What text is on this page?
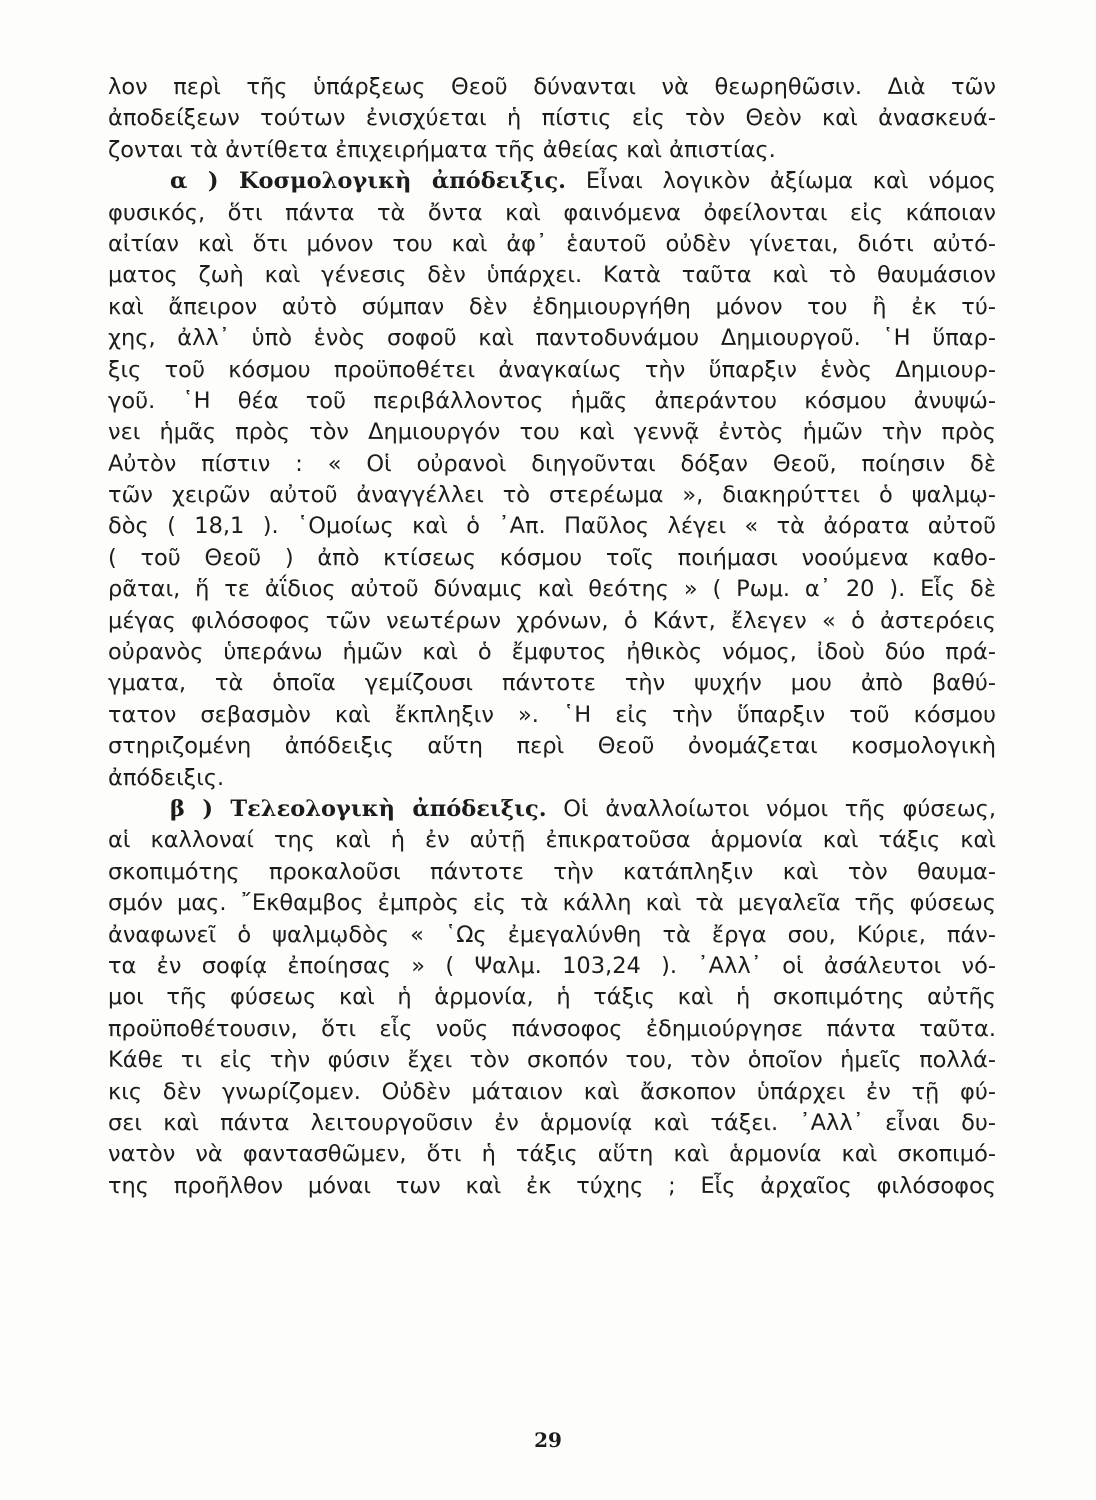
λον περὶ τῆς ὑπάρξεως Θεοῦ δύνανται νὰ θεωρηθῶσιν. Διὰ τῶν
ἀποδείξεων τούτων ἐνισχύεται ἡ πίστις εἰς τὸν Θεὸν καὶ ἀνασκευά-
ζονται τὰ ἀντίθετα ἐπιχειρήματα τῆς ἀθείας καὶ ἀπιστίας.
α ) Κοσμολογικὴ ἀπόδειξις. Εἶναι λογικὸν ἀξίωμα καὶ νόμος
φυσικός, ὅτι πάντα τὰ ὄντα καὶ φαινόμενα ὀφείλονται εἰς κάποιαν
αἰτίαν καὶ ὅτι μόνον του καὶ ἀφ᾽ ἑαυτοῦ οὐδὲν γίνεται, διότι αὐτό-
ματος ζωὴ καὶ γένεσις δὲν ὑπάρχει. Κατὰ ταῦτα καὶ τὸ θαυμάσιον
καὶ ἄπειρον αὐτὸ σύμπαν δὲν ἐδημιουργήθη μόνον του ἢ ἐκ τύ-
χης, ἀλλ᾽ ὑπὸ ἑνὸς σοφοῦ καὶ παντοδυνάμου Δημιουργοῦ. ῾Η ὕπαρ-
ξις τοῦ κόσμου προϋποθέτει ἀναγκαίως τὴν ὕπαρξιν ἑνὸς Δημιουρ-
γοῦ. ῾Η θέα τοῦ περιβάλλοντος ἡμᾶς ἀπεράντου κόσμου ἀνυψώ-
νει ἡμᾶς πρὸς τὸν Δημιουργόν του καὶ γεννᾷ ἐντὸς ἡμῶν τὴν πρὸς
Αὐτὸν πίστιν : « Οἱ οὐρανοὶ διηγοῦνται δόξαν Θεοῦ, ποίησιν δὲ
τῶν χειρῶν αὐτοῦ ἀναγγέλλει τὸ στερέωμα », διακηρύττει ὁ ψαλμῳ-
δὸς ( 18,1 ). ῾Ομοίως καὶ ὁ ᾿Απ. Παῦλος λέγει « τὰ ἀόρατα αὐτοῦ
( τοῦ Θεοῦ ) ἀπὸ κτίσεως κόσμου τοῖς ποιήμασι νοούμενα καθο-
ρᾶται, ἥ τε ἀΐδιος αὐτοῦ δύναμις καὶ θεότης » ( Ρωμ. α᾽ 20 ). Εἷς δὲ
μέγας φιλόσοφος τῶν νεωτέρων χρόνων, ὁ Κάντ, ἔλεγεν « ὁ ἀστερόεις
οὐρανὸς ὑπεράνω ἡμῶν καὶ ὁ ἔμφυτος ἠθικὸς νόμος, ἰδοὺ δύο πρά-
γματα, τὰ ὁποῖα γεμίζουσι πάντοτε τὴν ψυχήν μου ἀπὸ βαθύ-
τατον σεβασμὸν καὶ ἔκπληξιν ». ῾Η εἰς τὴν ὕπαρξιν τοῦ κόσμου
στηριζομένη ἀπόδειξις αὕτη περὶ Θεοῦ ὀνομάζεται κοσμολογικὴ
ἀπόδειξις.
β ) Τελεολογικὴ ἀπόδειξις. Οἱ ἀναλλοίωτοι νόμοι τῆς φύσεως,
αἱ καλλοναί της καὶ ἡ ἐν αὐτῇ ἐπικρατοῦσα ἁρμονία καὶ τάξις καὶ
σκοπιμότης προκαλοῦσι πάντοτε τὴν κατάπληξιν καὶ τὸν θαυμα-
σμόν μας. ῎Εκθαμβος ἐμπρὸς εἰς τὰ κάλλη καὶ τὰ μεγαλεῖα τῆς φύσεως
ἀναφωνεῖ ὁ ψαλμῳδὸς « ῾Ως ἐμεγαλύνθη τὰ ἔργα σου, Κύριε, πάν-
τα ἐν σοφίᾳ ἐποίησας » ( Ψαλμ. 103,24 ). ᾿Αλλ᾽ οἱ ἀσάλευτοι νό-
μοι τῆς φύσεως καὶ ἡ ἁρμονία, ἡ τάξις καὶ ἡ σκοπιμότης αὐτῆς
προϋποθέτουσιν, ὅτι εἷς νοῦς πάνσοφος ἐδημιούργησε πάντα ταῦτα.
Κάθε τι εἰς τὴν φύσιν ἔχει τὸν σκοπόν του, τὸν ὁποῖον ἡμεῖς πολλά-
κις δὲν γνωρίζομεν. Οὐδὲν μάταιον καὶ ἄσκοπον ὑπάρχει ἐν τῇ φύ-
σει καὶ πάντα λειτουργοῦσιν ἐν ἁρμονίᾳ καὶ τάξει. ᾿Αλλ᾽ εἶναι δυ-
νατὸν νὰ φαντασθῶμεν, ὅτι ἡ τάξις αὕτη καὶ ἁρμονία καὶ σκοπιμό-
της προῆλθον μόναι των καὶ ἐκ τύχης ; Εἷς ἀρχαῖος φιλόσοφος
29
